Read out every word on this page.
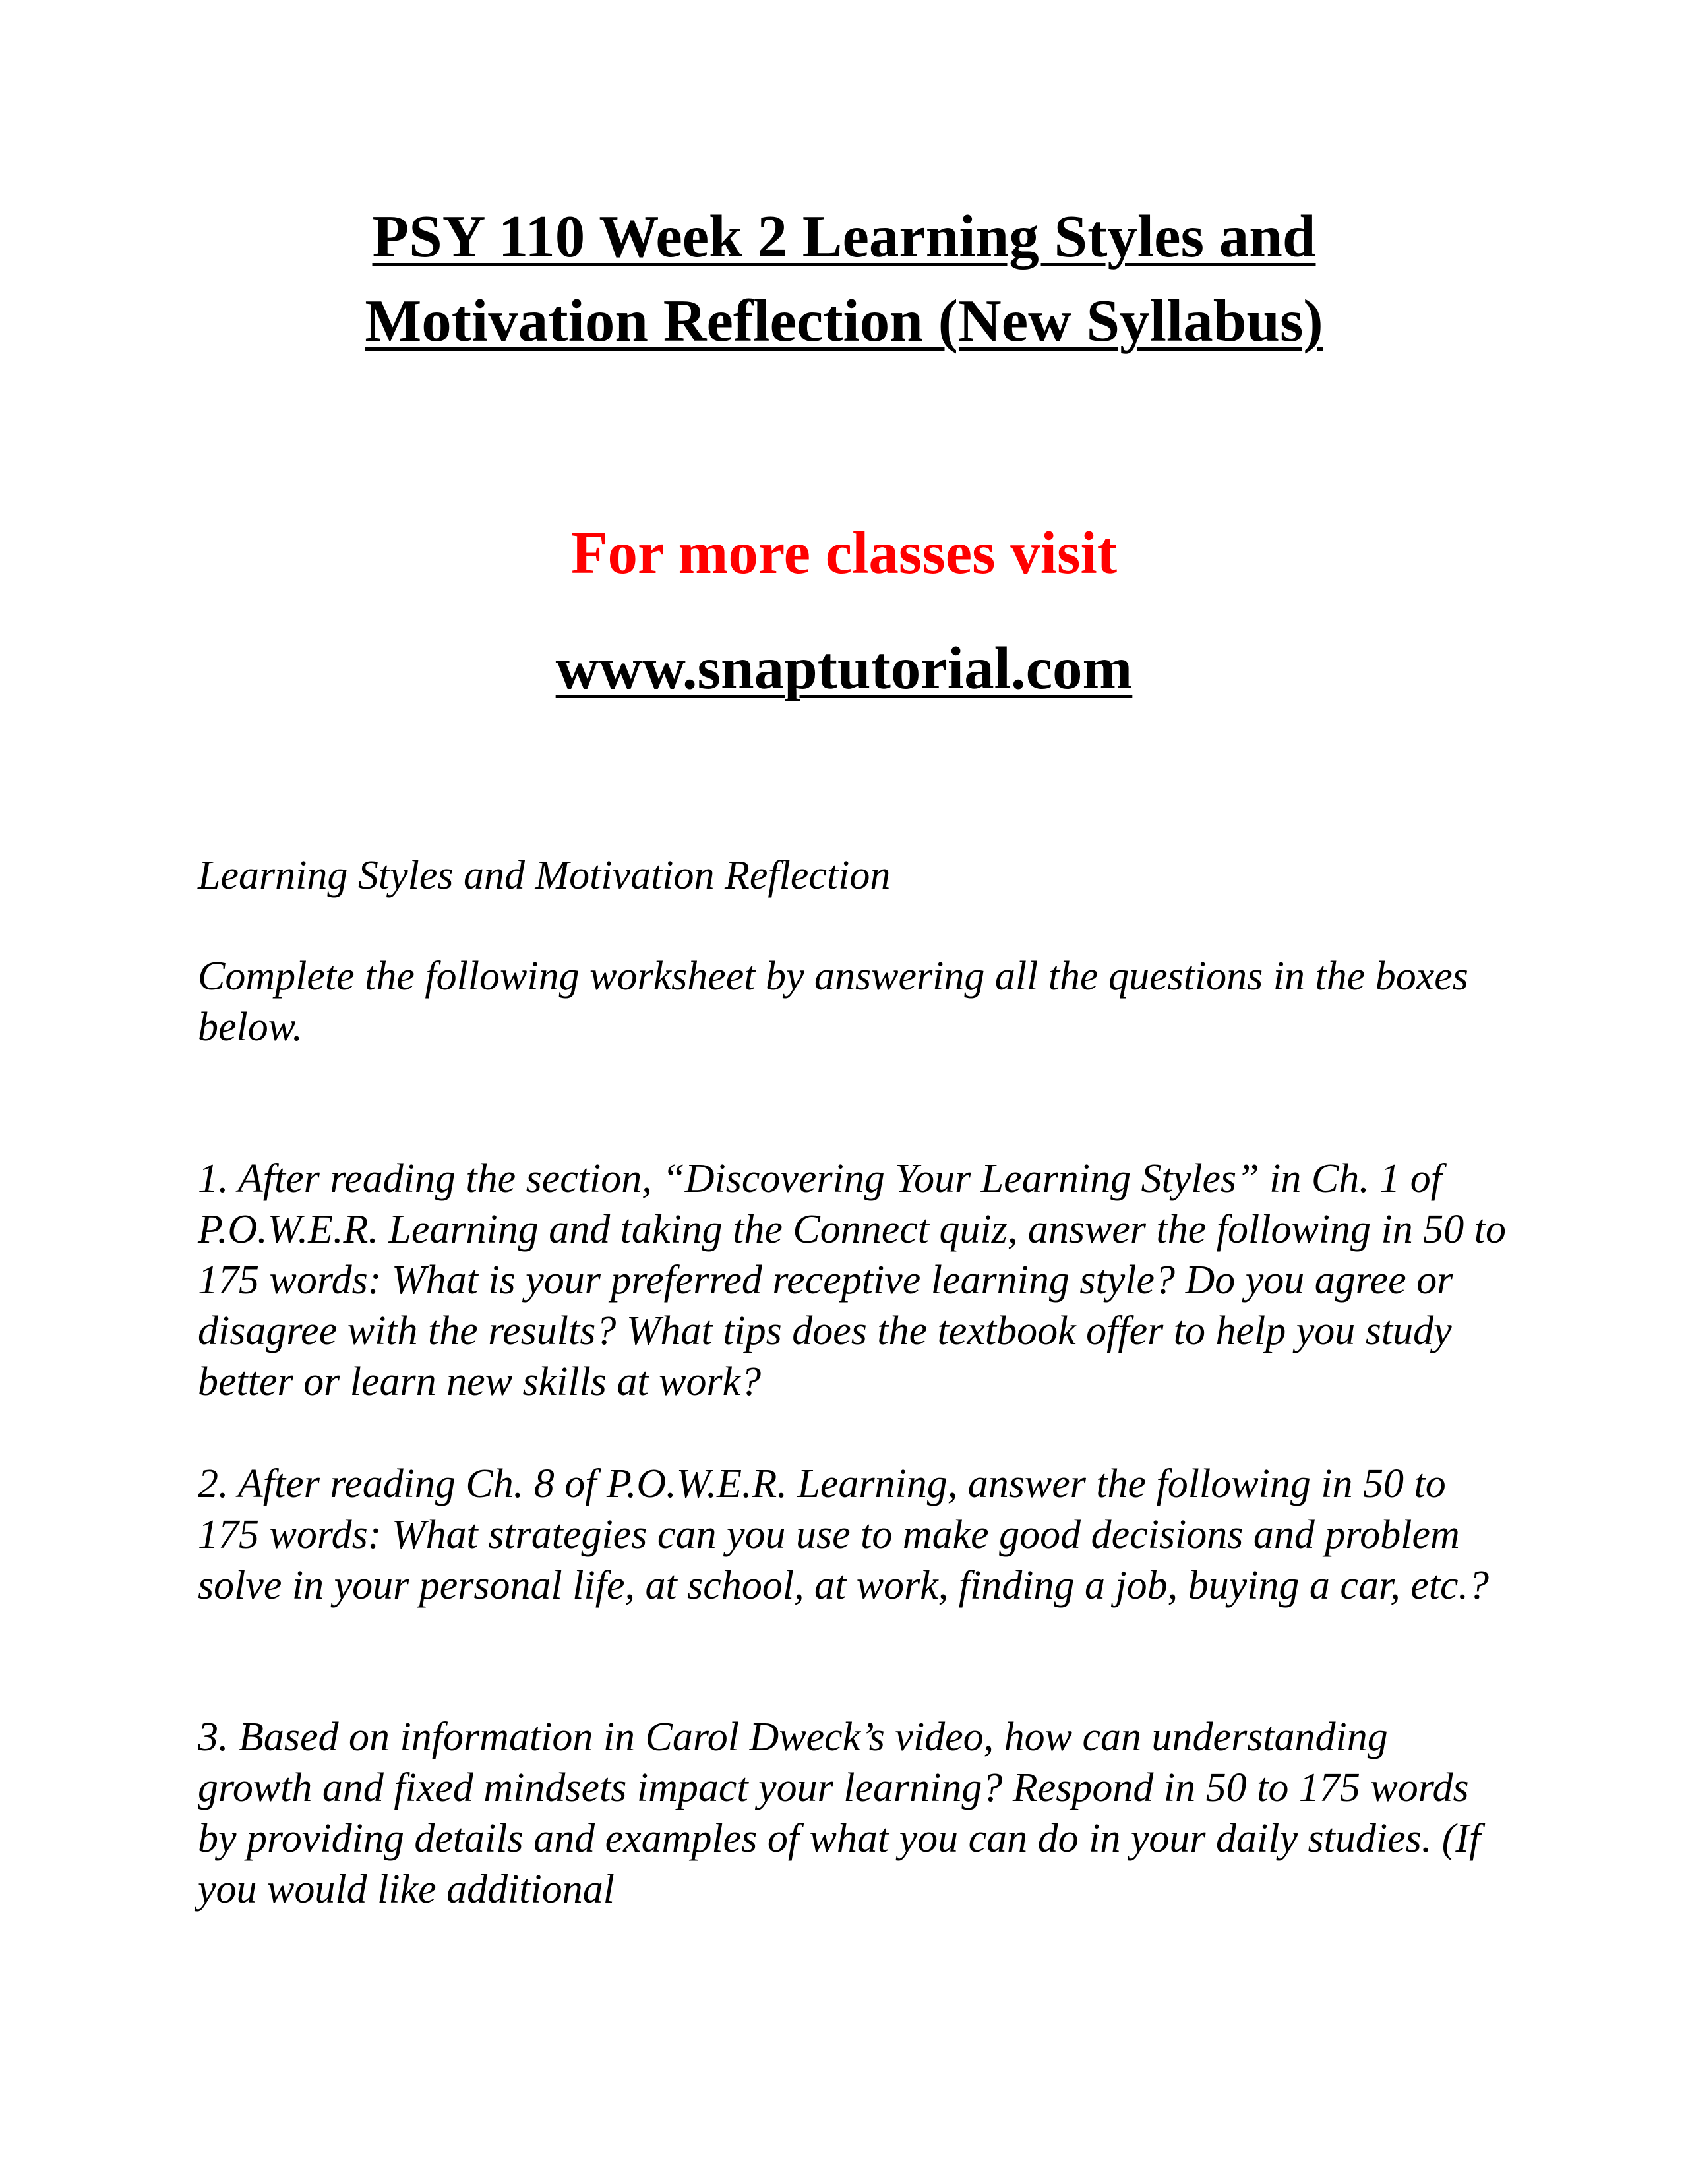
PSY 110 Week 2 Learning Styles and
Motivation Reflection (New Syllabus)

For more classes visit

www.snaptutorial.com

Learning Styles and Motivation Reflection

Complete the following worksheet by answering all the questions in the boxes below.

1. After reading the section, “Discovering Your Learning Styles” in Ch. 1 of P.O.W.E.R. Learning and taking the Connect quiz, answer the following in 50 to 175 words: What is your preferred receptive learning style? Do you agree or disagree with the results? What tips does the textbook offer to help you study better or learn new skills at work?

2. After reading Ch. 8 of P.O.W.E.R. Learning, answer the following in 50 to 175 words: What strategies can you use to make good decisions and problem solve in your personal life, at school, at work, finding a job, buying a car, etc.?

3. Based on information in Carol Dweck’s video, how can understanding growth and fixed mindsets impact your learning? Respond in 50 to 175 words by providing details and examples of what you can do in your daily studies. (If you would like additional
